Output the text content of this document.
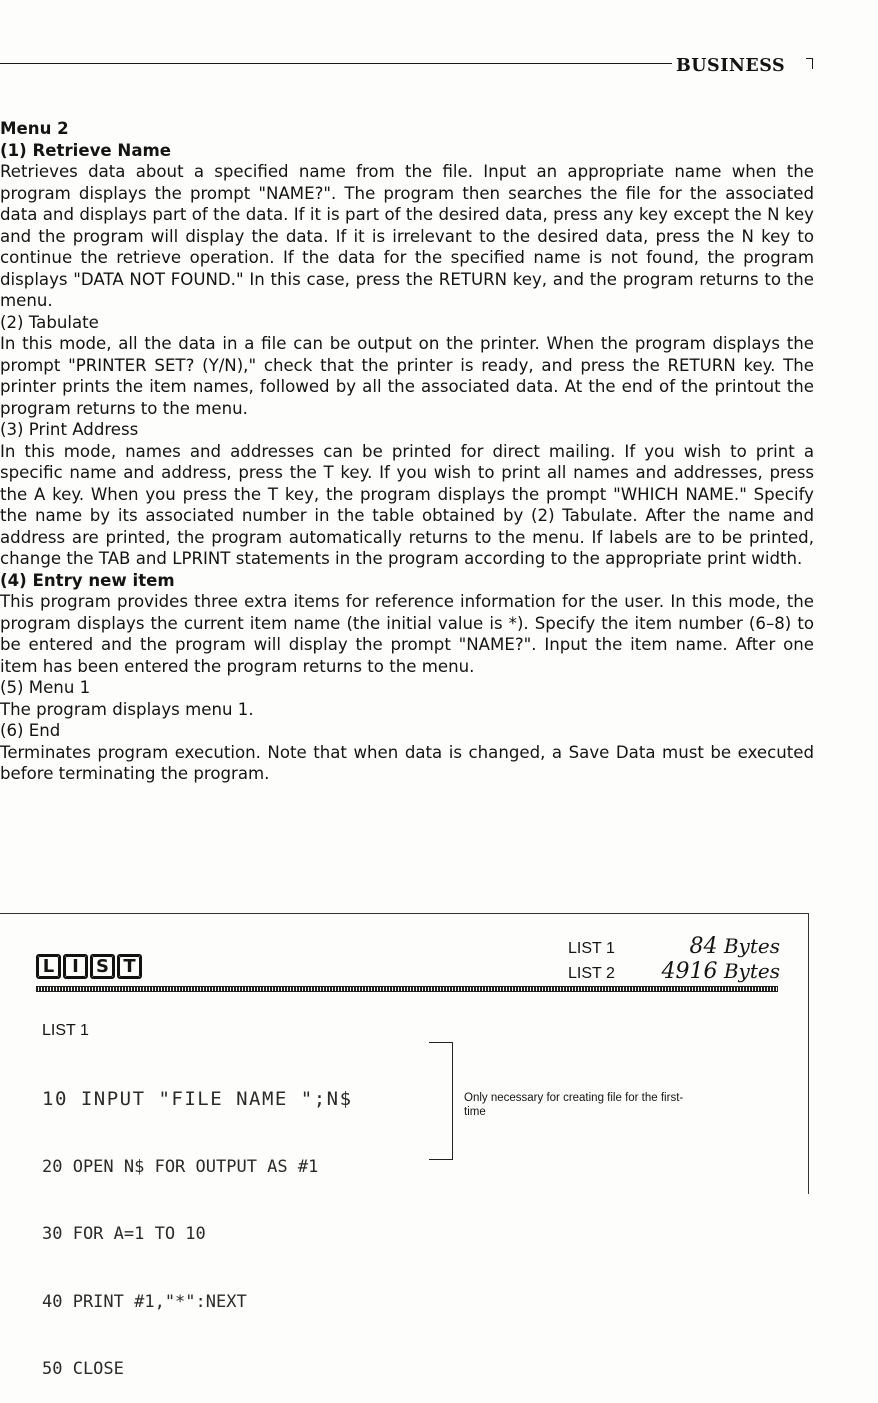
BUSINESS

Menu 2

(1) Retrieve Name

Retrieves data about a specified name from the file. Input an appropriate name when the program displays the prompt "NAME?". The program then searches the file for the associated data and displays part of the data. If it is part of the desired data, press any key except the N key and the program will display the data. If it is irrelevant to the desired data, press the N key to continue the retrieve operation. If the data for the specified name is not found, the program displays "DATA NOT FOUND." In this case, press the RETURN key, and the program returns to the menu.

(2) Tabulate

In this mode, all the data in a file can be output on the printer. When the program displays the prompt "PRINTER SET? (Y/N)," check that the printer is ready, and press the RETURN key. The printer prints the item names, followed by all the associated data. At the end of the printout the program returns to the menu.

(3) Print Address

In this mode, names and addresses can be printed for direct mailing. If you wish to print a specific name and address, press the T key. If you wish to print all names and addresses, press the A key. When you press the T key, the program displays the prompt "WHICH NAME." Specify the name by its associated number in the table obtained by (2) Tabulate. After the name and address are printed, the program automatically returns to the menu. If labels are to be printed, change the TAB and LPRINT statements in the program according to the appropriate print width.

(4) Entry new item

This program provides three extra items for reference information for the user. In this mode, the program displays the current item name (the initial value is *). Specify the item number (6–8) to be entered and the program will display the prompt "NAME?". Input the item name. After one item has been entered the program returns to the menu.

(5) Menu 1

The program displays menu 1.

(6) End

Terminates program execution. Note that when data is changed, a Save Data must be executed before terminating the program.

L I S T
LIST 1	84 Bytes
LIST 2 4916 Bytes
LIST 1

10 INPUT "FILE NAME ";N$

20 OPEN N$ FOR OUTPUT AS #1

30 FOR A=1 TO 10

40 PRINT #1,"*":NEXT

50 CLOSE

Only necessary for creating file for the first-time
